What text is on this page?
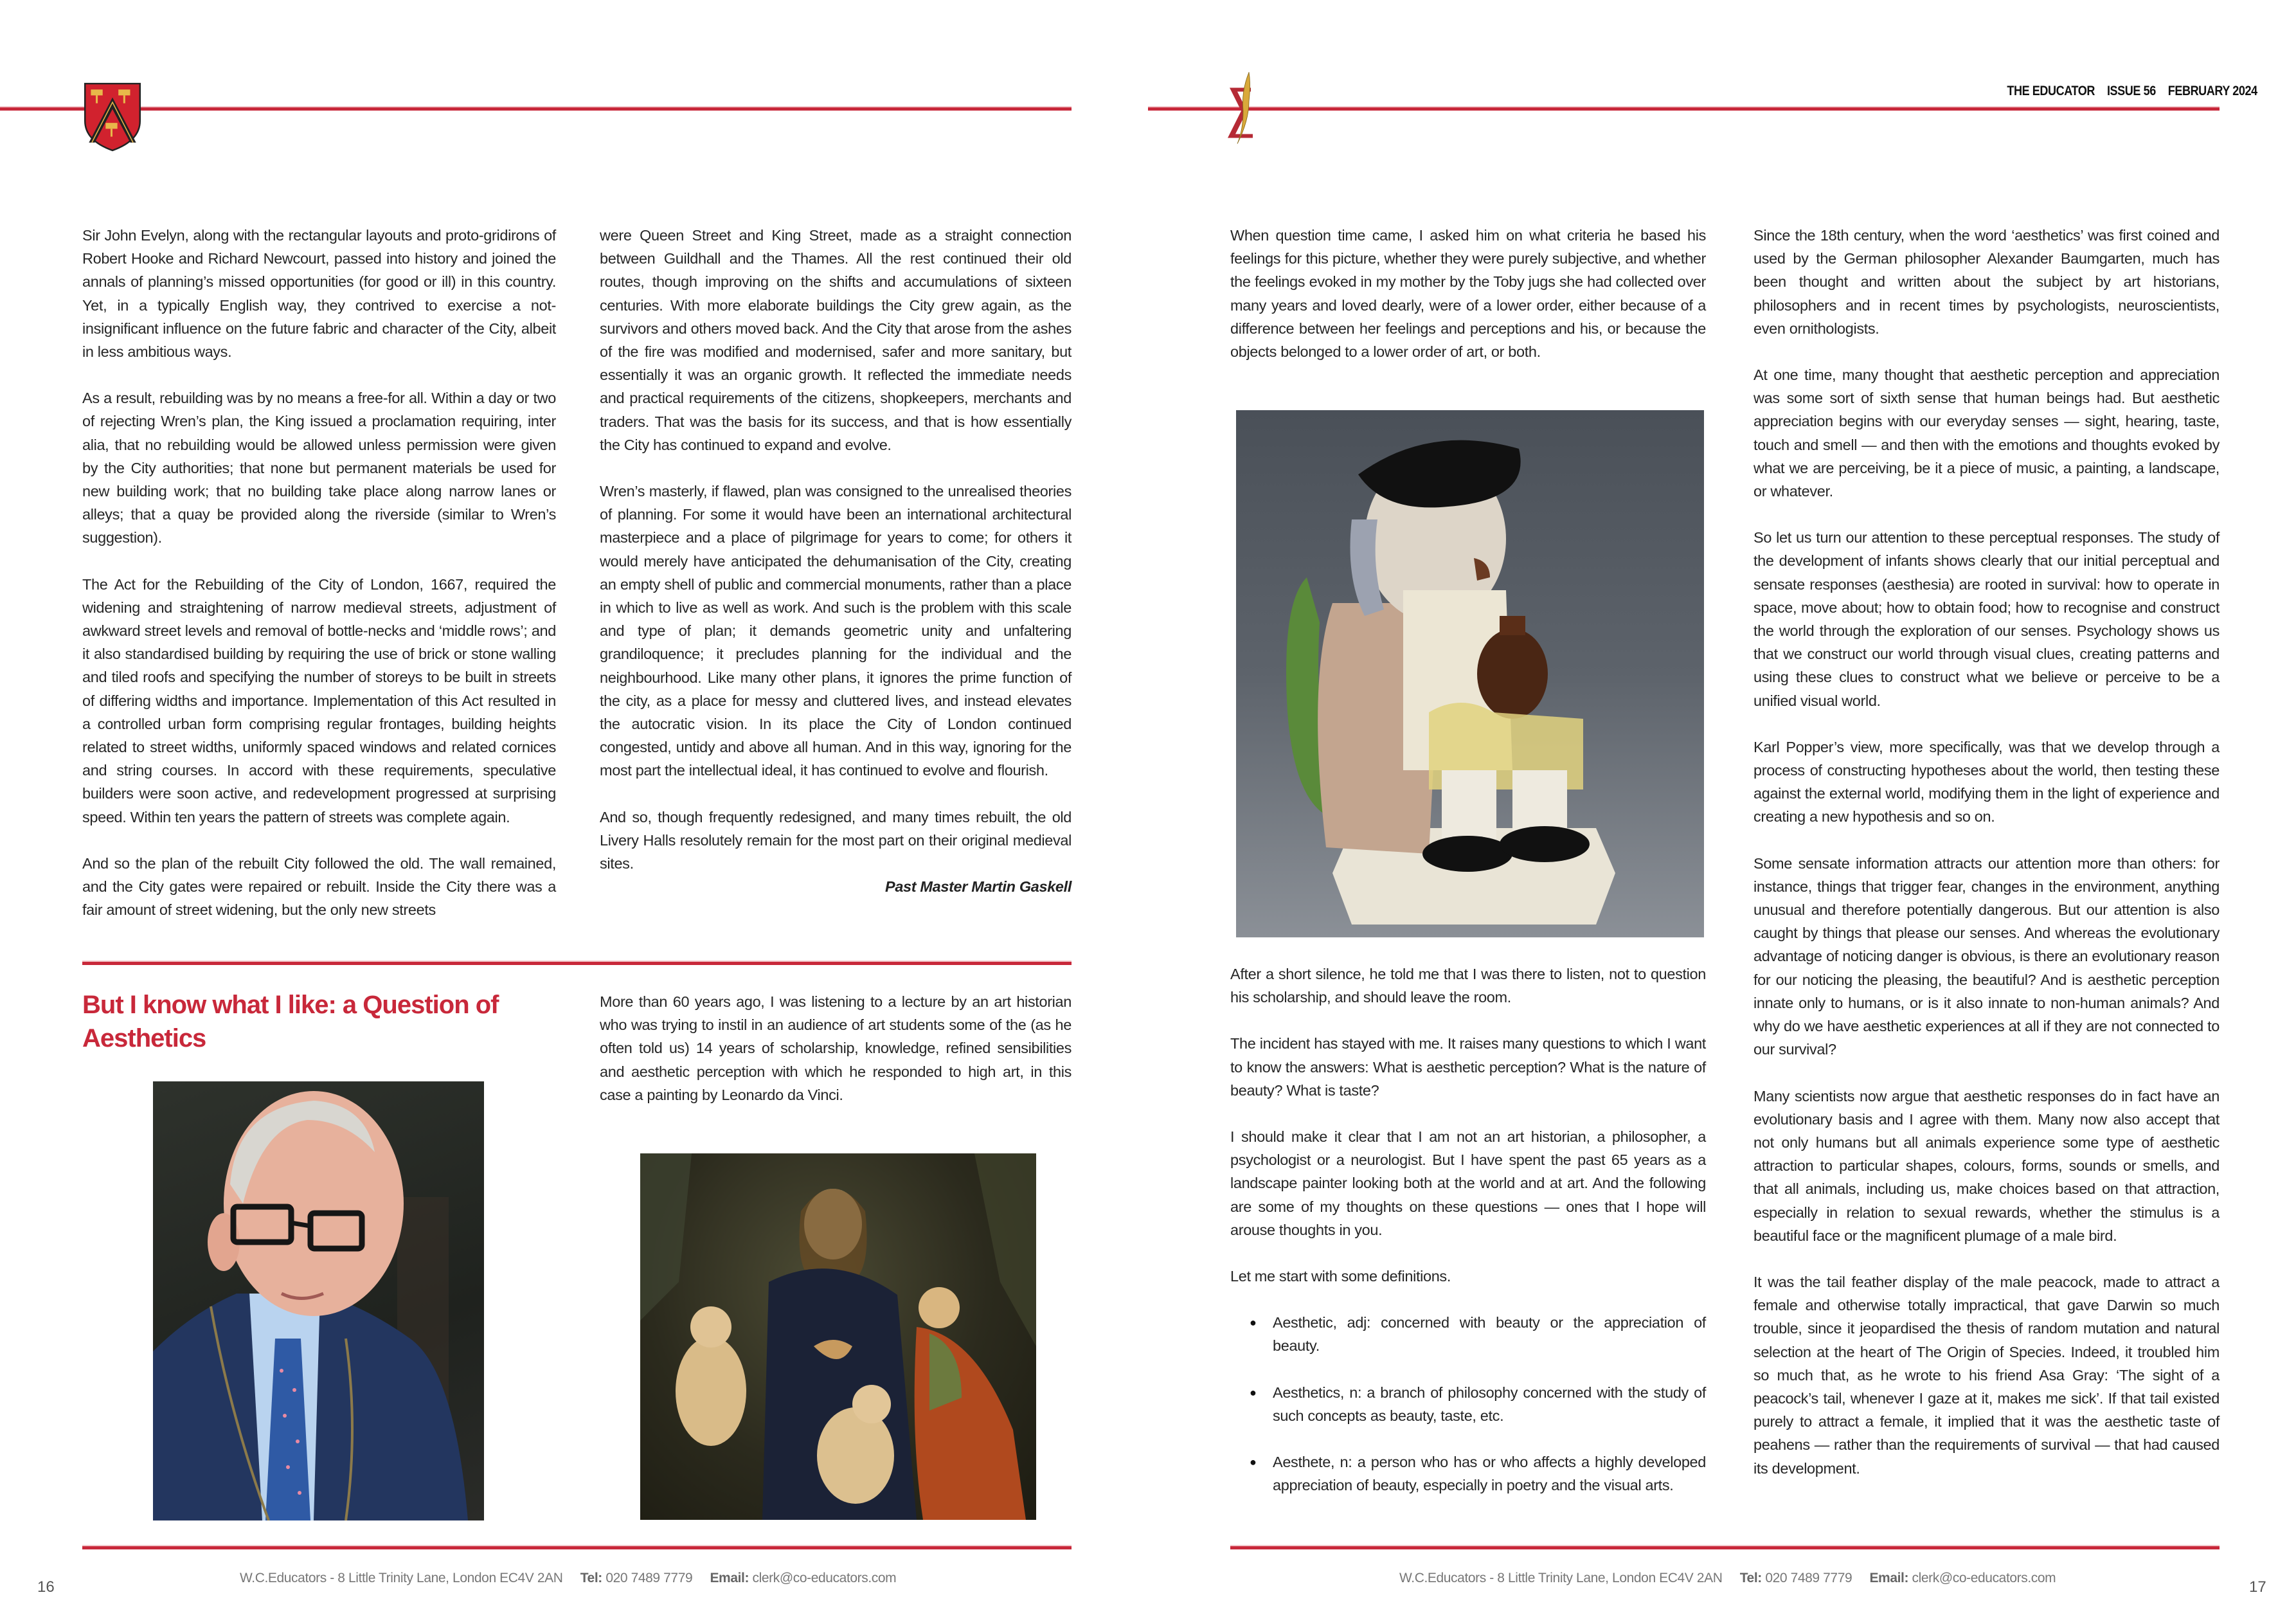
Sir John Evelyn, along with the rectangular layouts and proto-gridirons of Robert Hooke and Richard Newcourt, passed into history and joined the annals of planning’s missed opportunities (for good or ill) in this country. Yet, in a typically English way, they contrived to exercise a not-insignificant influence on the future fabric and character of the City, albeit in less ambitious ways.

As a result, rebuilding was by no means a free-for all. Within a day or two of rejecting Wren’s plan, the King issued a proclamation requiring, inter alia, that no rebuilding would be allowed unless permission were given by the City authorities; that none but permanent materials be used for new building work; that no building take place along narrow lanes or alleys; that a quay be provided along the riverside (similar to Wren’s suggestion).

The Act for the Rebuilding of the City of London, 1667, required the widening and straightening of narrow medieval streets, adjustment of awkward street levels and removal of bottle-necks and ‘middle rows’; and it also standardised building by requiring the use of brick or stone walling and tiled roofs and specifying the number of storeys to be built in streets of differing widths and importance. Implementation of this Act resulted in a controlled urban form comprising regular frontages, building heights related to street widths, uniformly spaced windows and related cornices and string courses. In accord with these requirements, speculative builders were soon active, and redevelopment progressed at surprising speed. Within ten years the pattern of streets was complete again.

And so the plan of the rebuilt City followed the old. The wall remained, and the City gates were repaired or rebuilt. Inside the City there was a fair amount of street widening, but the only new streets

were Queen Street and King Street, made as a straight connection between Guildhall and the Thames. All the rest continued their old routes, though improving on the shifts and accumulations of sixteen centuries. With more elaborate buildings the City grew again, as the survivors and others moved back. And the City that arose from the ashes of the fire was modified and modernised, safer and more sanitary, but essentially it was an organic growth. It reflected the immediate needs and practical requirements of the citizens, shopkeepers, merchants and traders. That was the basis for its success, and that is how essentially the City has continued to expand and evolve.

Wren’s masterly, if flawed, plan was consigned to the unrealised theories of planning. For some it would have been an international architectural masterpiece and a place of pilgrimage for years to come; for others it would merely have anticipated the dehumanisation of the City, creating an empty shell of public and commercial monuments, rather than a place in which to live as well as work. And such is the problem with this scale and type of plan; it demands geometric unity and unfaltering grandiloquence; it precludes planning for the individual and the neighbourhood. Like many other plans, it ignores the prime function of the city, as a place for messy and cluttered lives, and instead elevates the autocratic vision. In its place the City of London continued congested, untidy and above all human. And in this way, ignoring for the most part the intellectual ideal, it has continued to evolve and flourish.

And so, though frequently redesigned, and many times rebuilt, the old Livery Halls resolutely remain for the most part on their original medieval sites.

Past Master Martin Gaskell
But I know what I like: a Question of Aesthetics

More than 60 years ago, I was listening to a lecture by an art historian who was trying to instil in an audience of art students some of the (as he often told us) 14 years of scholarship, knowledge, refined sensibilities and aesthetic perception with which he responded to high art, in this case a painting by Leonardo da Vinci.

W.C.Educators - 8 Little Trinity Lane, London EC4V 2AN Tel: 020 7489 7779 Email: clerk@co-educators.com
16
THE EDUCATOR ISSUE 56 FEBRUARY 2024

When question time came, I asked him on what criteria he based his feelings for this picture, whether they were purely subjective, and whether the feelings evoked in my mother by the Toby jugs she had collected over many years and loved dearly, were of a lower order, either because of a difference between her feelings and perceptions and his, or because the objects belonged to a lower order of art, or both.

After a short silence, he told me that I was there to listen, not to question his scholarship, and should leave the room.

The incident has stayed with me. It raises many questions to which I want to know the answers: What is aesthetic perception? What is the nature of beauty? What is taste?

I should make it clear that I am not an art historian, a philosopher, a psychologist or a neurologist. But I have spent the past 65 years as a landscape painter looking both at the world and at art. And the following are some of my thoughts on these questions — ones that I hope will arouse thoughts in you.

Let me start with some definitions.

● Aesthetic, adj: concerned with beauty or the appreciation of beauty.
● Aesthetics, n: a branch of philosophy concerned with the study of such concepts as beauty, taste, etc.
● Aesthete, n: a person who has or who affects a highly developed appreciation of beauty, especially in poetry and the visual arts.

Since the 18th century, when the word ‘aesthetics’ was first coined and used by the German philosopher Alexander Baumgarten, much has been thought and written about the subject by art historians, philosophers and in recent times by psychologists, neuroscientists, even ornithologists.

At one time, many thought that aesthetic perception and appreciation was some sort of sixth sense that human beings had. But aesthetic appreciation begins with our everyday senses — sight, hearing, taste, touch and smell — and then with the emotions and thoughts evoked by what we are perceiving, be it a piece of music, a painting, a landscape, or whatever.

So let us turn our attention to these perceptual responses. The study of the development of infants shows clearly that our initial perceptual and sensate responses (aesthesia) are rooted in survival: how to operate in space, move about; how to obtain food; how to recognise and construct the world through the exploration of our senses. Psychology shows us that we construct our world through visual clues, creating patterns and using these clues to construct what we believe or perceive to be a unified visual world.

Karl Popper’s view, more specifically, was that we develop through a process of constructing hypotheses about the world, then testing these against the external world, modifying them in the light of experience and creating a new hypothesis and so on.

Some sensate information attracts our attention more than others: for instance, things that trigger fear, changes in the environment, anything unusual and therefore potentially dangerous. But our attention is also caught by things that please our senses. And whereas the evolutionary advantage of noticing danger is obvious, is there an evolutionary reason for our noticing the pleasing, the beautiful? And is aesthetic perception innate only to humans, or is it also innate to non-human animals? And why do we have aesthetic experiences at all if they are not connected to our survival?

Many scientists now argue that aesthetic responses do in fact have an evolutionary basis and I agree with them. Many now also accept that not only humans but all animals experience some type of aesthetic attraction to particular shapes, colours, forms, sounds or smells, and that all animals, including us, make choices based on that attraction, especially in relation to sexual rewards, whether the stimulus is a beautiful face or the magnificent plumage of a male bird.

It was the tail feather display of the male peacock, made to attract a female and otherwise totally impractical, that gave Darwin so much trouble, since it jeopardised the thesis of random mutation and natural selection at the heart of The Origin of Species. Indeed, it troubled him so much that, as he wrote to his friend Asa Gray: ‘The sight of a peacock’s tail, whenever I gaze at it, makes me sick’. If that tail existed purely to attract a female, it implied that it was the aesthetic taste of peahens — rather than the requirements of survival — that had caused its development.

W.C.Educators - 8 Little Trinity Lane, London EC4V 2AN Tel: 020 7489 7779 Email: clerk@co-educators.com
17
